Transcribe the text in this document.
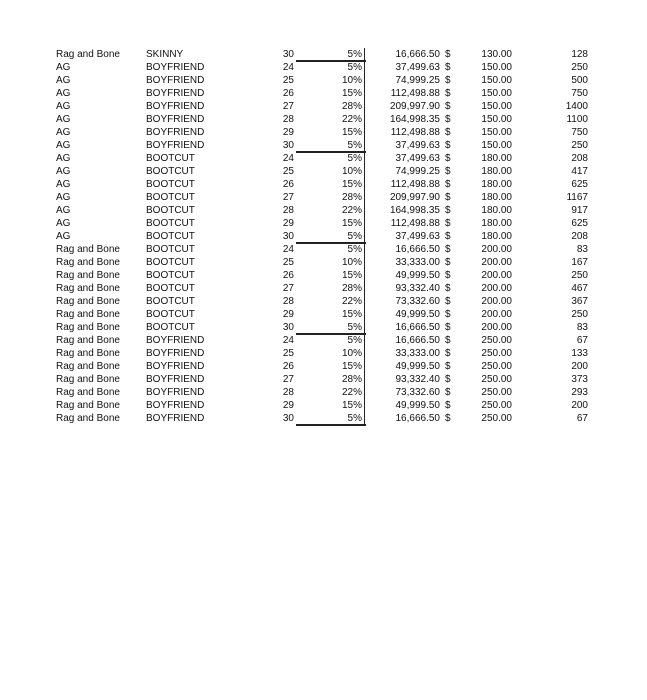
Rag and Bone	SKINNY	30	5%	16,666.50 $	130.00	128
AG	BOYFRIEND	24	5%	37,499.63 $	150.00	250
AG	BOYFRIEND	25	10%	74,999.25 $	150.00	500
AG	BOYFRIEND	26	15%	112,498.88 $	150.00	750
AG	BOYFRIEND	27	28%	209,997.90 $	150.00	1400
AG	BOYFRIEND	28	22%	164,998.35 $	150.00	1100
AG	BOYFRIEND	29	15%	112,498.88 $	150.00	750
AG	BOYFRIEND	30	5%	37,499.63 $	150.00	250
AG	BOOTCUT	24	5%	37,499.63 $	180.00	208
AG	BOOTCUT	25	10%	74,999.25 $	180.00	417
AG	BOOTCUT	26	15%	112,498.88 $	180.00	625
AG	BOOTCUT	27	28%	209,997.90 $	180.00	1167
AG	BOOTCUT	28	22%	164,998.35 $	180.00	917
AG	BOOTCUT	29	15%	112,498.88 $	180.00	625
AG	BOOTCUT	30	5%	37,499.63 $	180.00	208
Rag and Bone	BOOTCUT	24	5%	16,666.50 $	200.00	83
Rag and Bone	BOOTCUT	25	10%	33,333.00 $	200.00	167
Rag and Bone	BOOTCUT	26	15%	49,999.50 $	200.00	250
Rag and Bone	BOOTCUT	27	28%	93,332.40 $	200.00	467
Rag and Bone	BOOTCUT	28	22%	73,332.60 $	200.00	367
Rag and Bone	BOOTCUT	29	15%	49,999.50 $	200.00	250
Rag and Bone	BOOTCUT	30	5%	16,666.50 $	200.00	83
Rag and Bone	BOYFRIEND	24	5%	16,666.50 $	250.00	67
Rag and Bone	BOYFRIEND	25	10%	33,333.00 $	250.00	133
Rag and Bone	BOYFRIEND	26	15%	49,999.50 $	250.00	200
Rag and Bone	BOYFRIEND	27	28%	93,332.40 $	250.00	373
Rag and Bone	BOYFRIEND	28	22%	73,332.60 $	250.00	293
Rag and Bone	BOYFRIEND	29	15%	49,999.50 $	250.00	200
Rag and Bone	BOYFRIEND	30	5%	16,666.50 $	250.00	67
